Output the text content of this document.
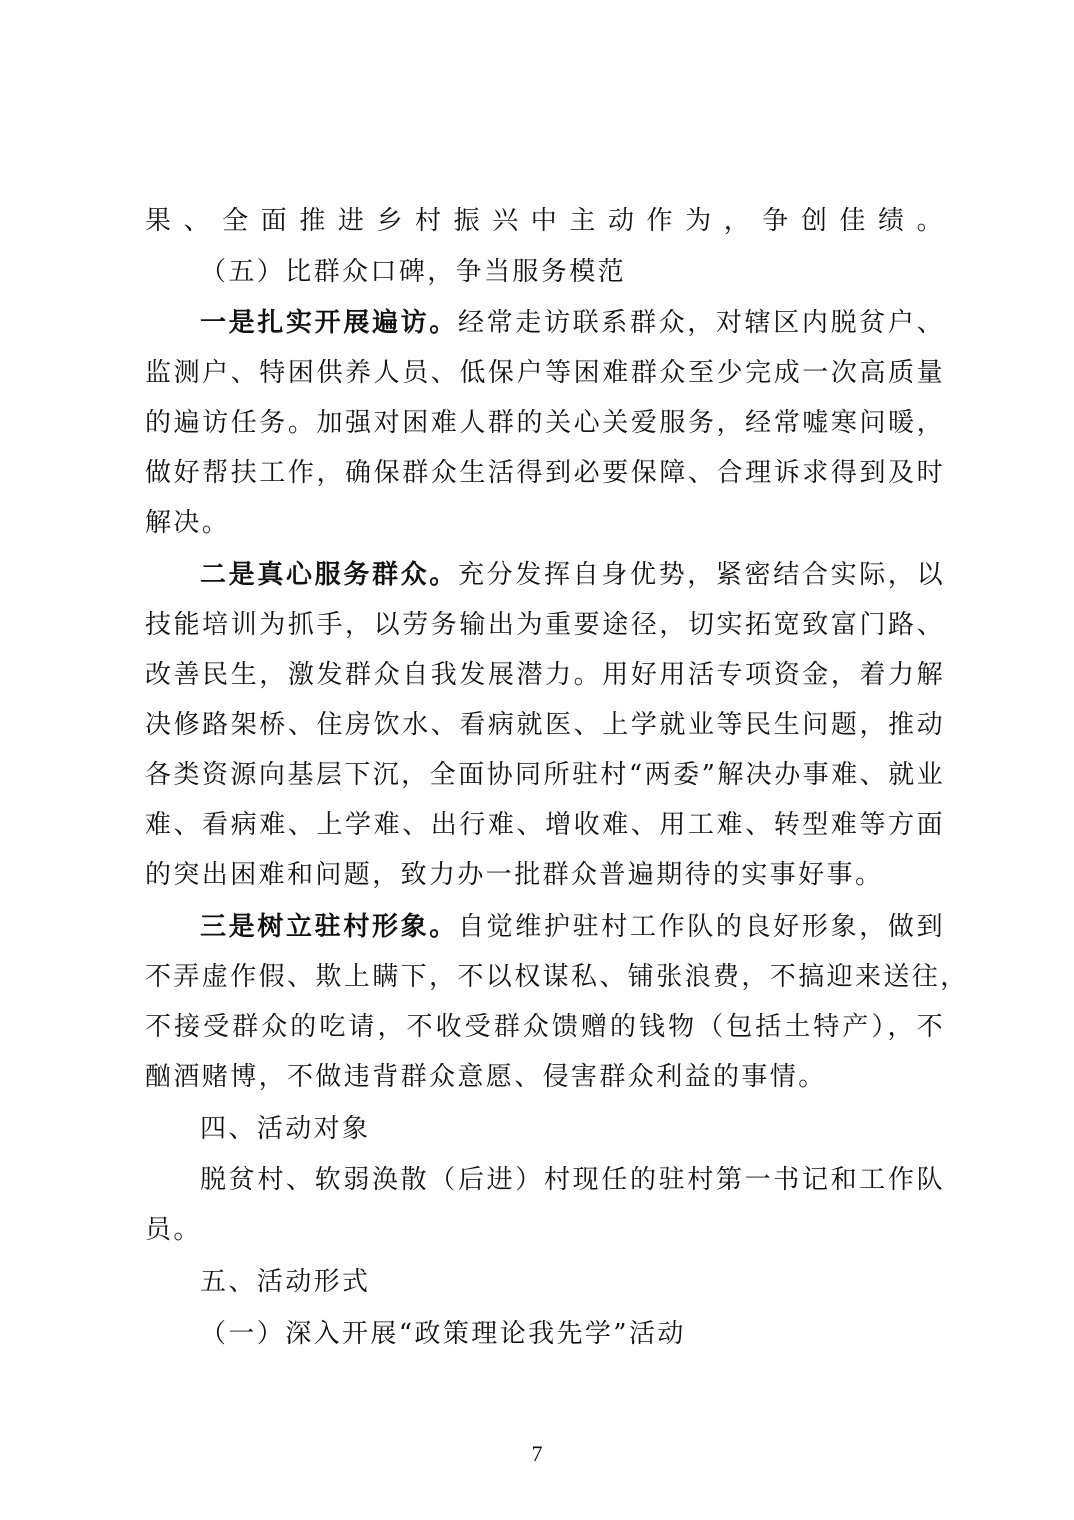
果、全面推进乡村振兴中主动作为，争创佳绩。
（五）比群众口碑，争当服务模范
一是扎实开展遍访。经常走访联系群众，对辖区内脱贫户、
监测户、特困供养人员、低保户等困难群众至少完成一次高质量
的遍访任务。加强对困难人群的关心关爱服务，经常嘘寒问暖，
做好帮扶工作，确保群众生活得到必要保障、合理诉求得到及时
解决。
二是真心服务群众。充分发挥自身优势，紧密结合实际，以
技能培训为抓手，以劳务输出为重要途径，切实拓宽致富门路、
改善民生，激发群众自我发展潜力。用好用活专项资金，着力解
决修路架桥、住房饮水、看病就医、上学就业等民生问题，推动
各类资源向基层下沉，全面协同所驻村“两委”解决办事难、就业
难、看病难、上学难、出行难、增收难、用工难、转型难等方面
的突出困难和问题，致力办一批群众普遍期待的实事好事。
三是树立驻村形象。自觉维护驻村工作队的良好形象，做到
不弄虚作假、欺上瞒下，不以权谋私、铺张浪费，不搞迎来送往，
不接受群众的吃请，不收受群众馈赠的钱物（包括土特产），不
酗酒赌博，不做违背群众意愿、侵害群众利益的事情。
四、活动对象
脱贫村、软弱涣散（后进）村现任的驻村第一书记和工作队
员。
五、活动形式
（一）深入开展“政策理论我先学”活动
7
